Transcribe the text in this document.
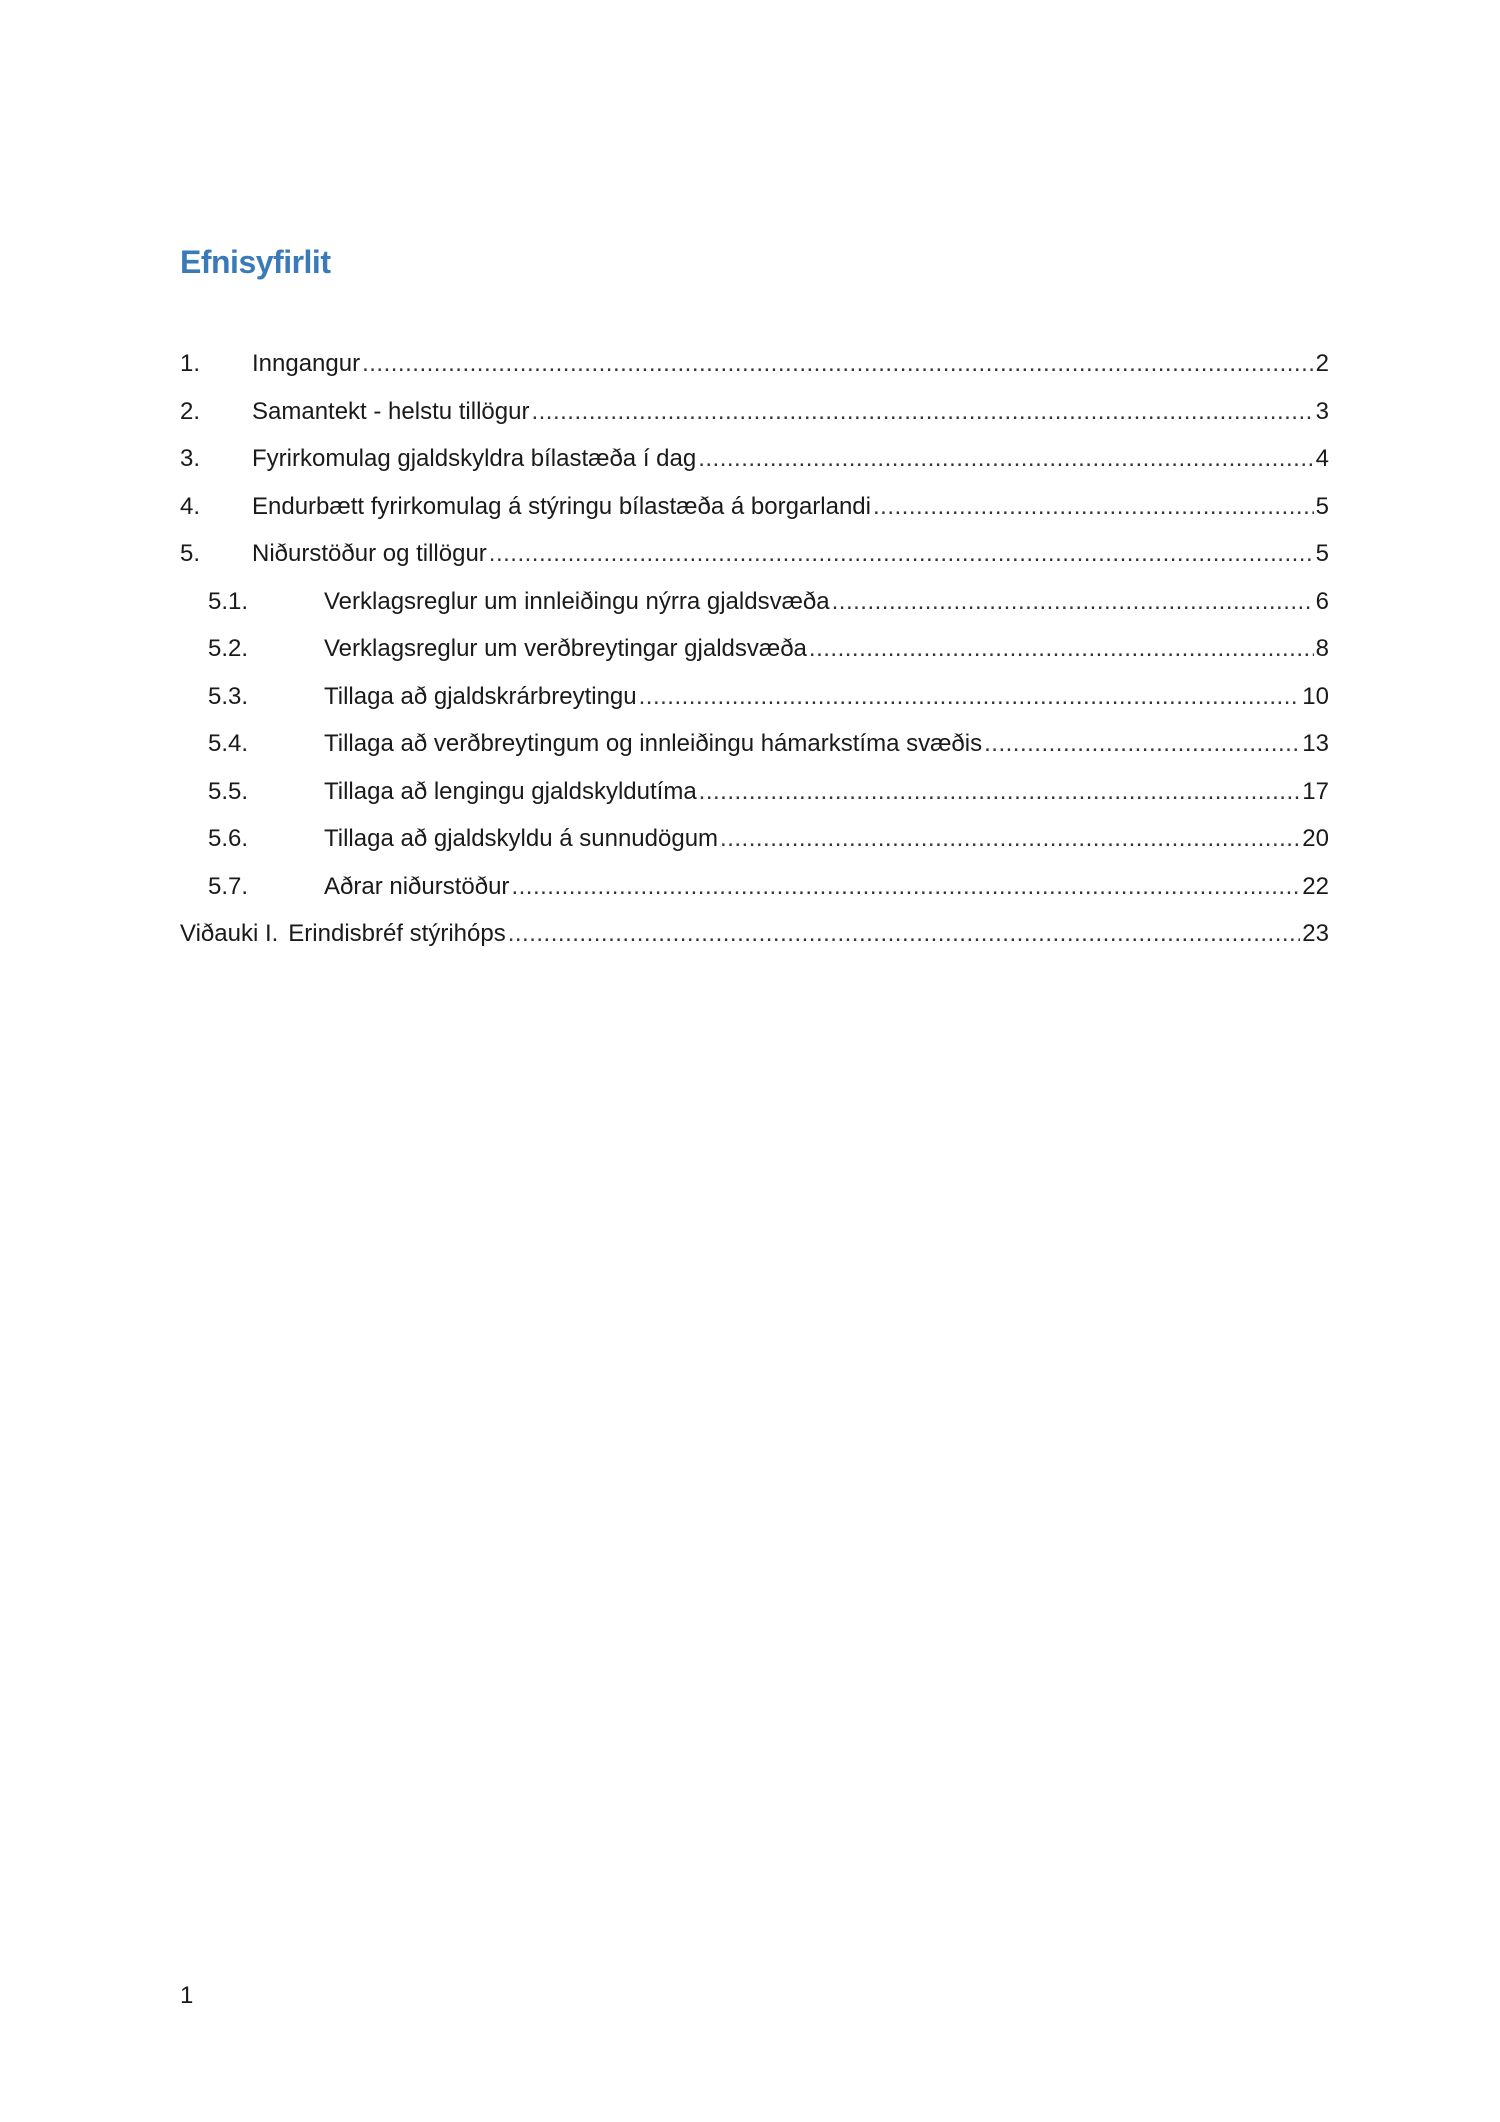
Efnisyfirlit
1.	Inngangur .....	2
2.	Samantekt - helstu tillögur .....	3
3.	Fyrirkomulag gjaldskyldra bílastæða í dag .....	4
4.	Endurbætt fyrirkomulag á stýringu bílastæða á borgarlandi .....	5
5.	Niðurstöður og tillögur .....	5
5.1.	Verklagsreglur um innleiðingu nýrra gjaldsvæða .....	6
5.2.	Verklagsreglur um verðbreytingar gjaldsvæða .....	8
5.3.	Tillaga að gjaldskrárbreytingu .....	10
5.4.	Tillaga að verðbreytingum og innleiðingu hámarkstíma svæðis .....	13
5.5.	Tillaga að lengingu gjaldskyldutíma .....	17
5.6.	Tillaga að gjaldskyldu á sunnudögum .....	20
5.7.	Aðrar niðurstöður .....	22
Viðauki I. Erindisbréf stýrihóps .....	23
1
